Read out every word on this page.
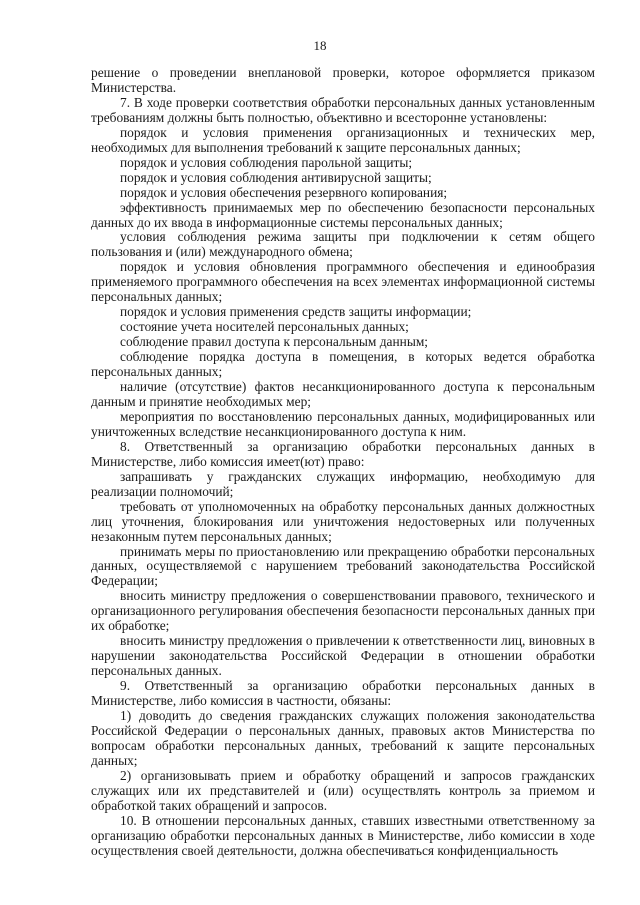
18

решение о проведении внеплановой проверки, которое оформляется приказом Министерства.

7. В ходе проверки соответствия обработки персональных данных установленным требованиям должны быть полностью, объективно и всесторонне установлены:

порядок и условия применения организационных и технических мер, необходимых для выполнения требований к защите персональных данных;

порядок и условия соблюдения парольной защиты;

порядок и условия соблюдения антивирусной защиты;

порядок и условия обеспечения резервного копирования;

эффективность принимаемых мер по обеспечению безопасности персональных данных до их ввода в информационные системы персональных данных;

условия соблюдения режима защиты при подключении к сетям общего пользования и (или) международного обмена;

порядок и условия обновления программного обеспечения и единообразия применяемого программного обеспечения на всех элементах информационной системы персональных данных;

порядок и условия применения средств защиты информации;

состояние учета носителей персональных данных;

соблюдение правил доступа к персональным данным;

соблюдение порядка доступа в помещения, в которых ведется обработка персональных данных;

наличие (отсутствие) фактов несанкционированного доступа к персональным данным и принятие необходимых мер;

мероприятия по восстановлению персональных данных, модифицированных или уничтоженных вследствие несанкционированного доступа к ним.

8. Ответственный за организацию обработки персональных данных в Министерстве, либо комиссия имеет(ют) право:

запрашивать у гражданских служащих информацию, необходимую для реализации полномочий;

требовать от уполномоченных на обработку персональных данных должностных лиц уточнения, блокирования или уничтожения недостоверных или полученных незаконным путем персональных данных;

принимать меры по приостановлению или прекращению обработки персональных данных, осуществляемой с нарушением требований законодательства Российской Федерации;

вносить министру предложения о совершенствовании правового, технического и организационного регулирования обеспечения безопасности персональных данных при их обработке;

вносить министру предложения о привлечении к ответственности лиц, виновных в нарушении законодательства Российской Федерации в отношении обработки персональных данных.

9. Ответственный за организацию обработки персональных данных в Министерстве, либо комиссия в частности, обязаны:

1) доводить до сведения гражданских служащих положения законодательства Российской Федерации о персональных данных, правовых актов Министерства по вопросам обработки персональных данных, требований к защите персональных данных;

2) организовывать прием и обработку обращений и запросов гражданских служащих или их представителей и (или) осуществлять контроль за приемом и обработкой таких обращений и запросов.

10. В отношении персональных данных, ставших известными ответственному за организацию обработки персональных данных в Министерстве, либо комиссии в ходе осуществления своей деятельности, должна обеспечиваться конфиденциальность
